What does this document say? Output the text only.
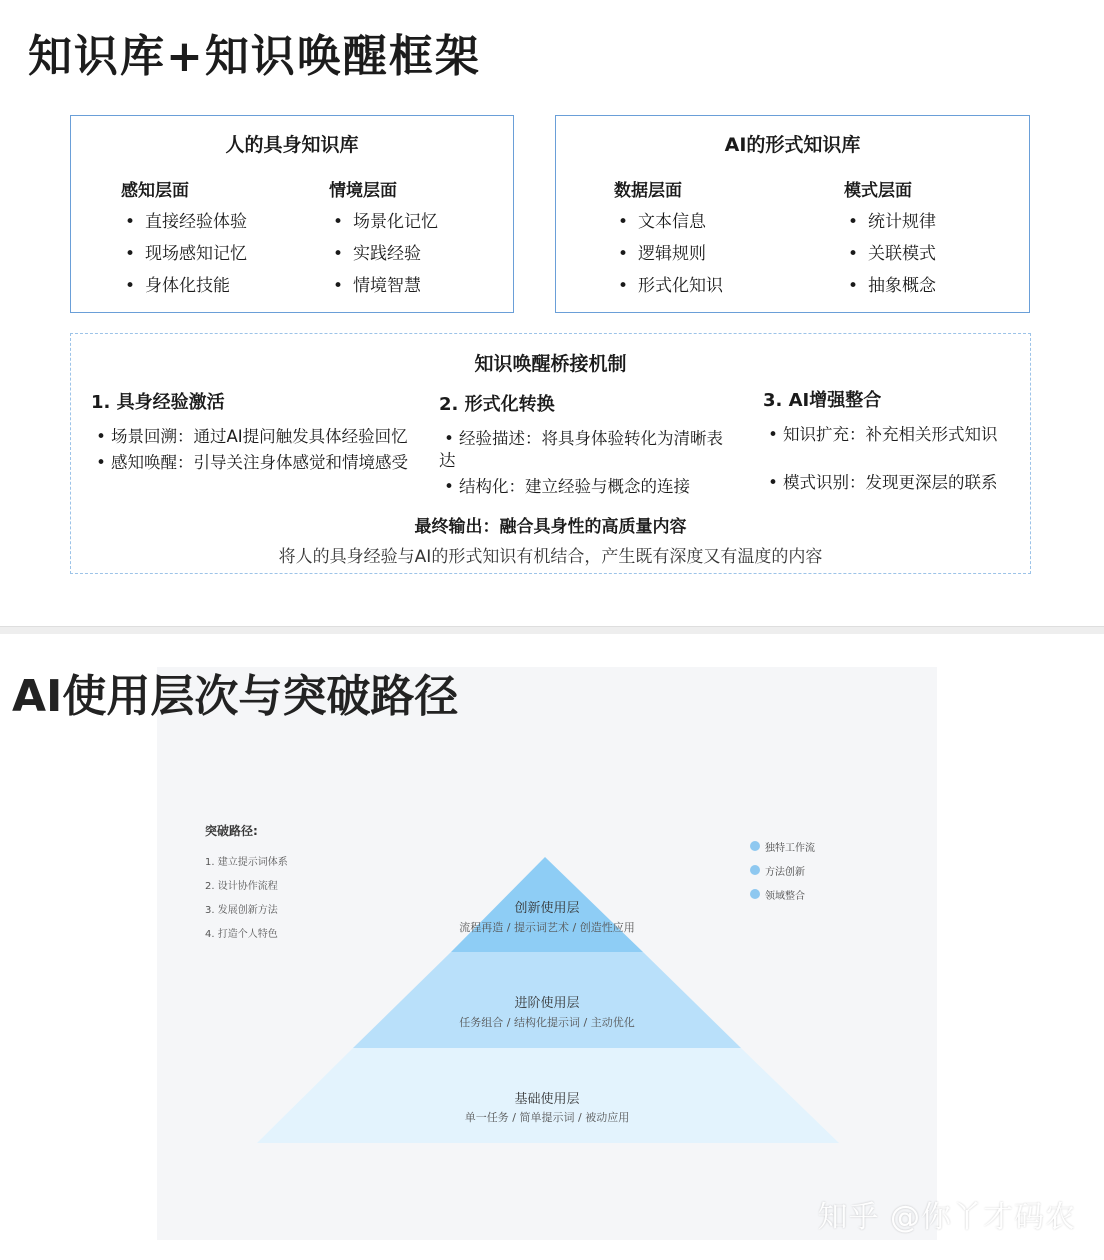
知识库+知识唤醒框架
人的具身知识库
感知层面
• 直接经验体验
• 现场感知记忆
• 身体化技能
情境层面
• 场景化记忆
• 实践经验
• 情境智慧
AI的形式知识库
数据层面
• 文本信息
• 逻辑规则
• 形式化知识
模式层面
• 统计规律
• 关联模式
• 抽象概念
知识唤醒桥接机制
1. 具身经验激活
• 场景回溯：通过AI提问触发具体经验回忆
• 感知唤醒：引导关注身体感觉和情境感受
2. 形式化转换
• 经验描述：将具身体验转化为清晰表达
• 结构化：建立经验与概念的连接
3. AI增强整合
• 知识扩充：补充相关形式知识
• 模式识别：发现更深层的联系
最终输出：融合具身性的高质量内容
将人的具身经验与AI的形式知识有机结合，产生既有深度又有温度的内容
突破路径:
1. 建立提示词体系
2. 设计协作流程
3. 发展创新方法
4. 打造个人特色
独特工作流
方法创新
领域整合
创新使用层
流程再造 / 提示词艺术 / 创造性应用
进阶使用层
任务组合 / 结构化提示词 / 主动优化
基础使用层
单一任务 / 简单提示词 / 被动应用
AI使用层次与突破路径
知乎 @你丫才码农
